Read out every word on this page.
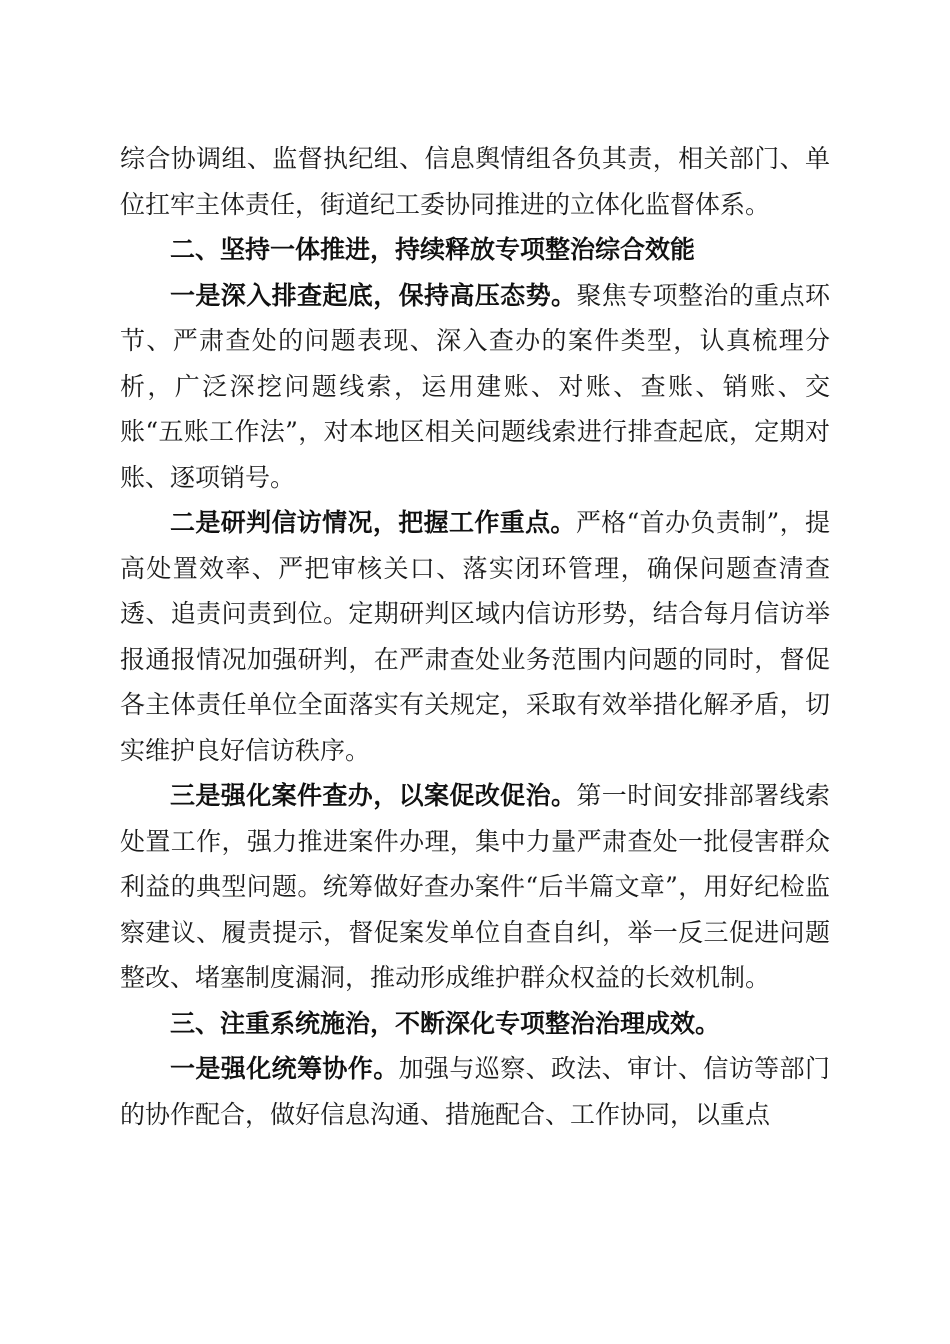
综合协调组、监督执纪组、信息舆情组各负其责，相关部门、单位扛牢主体责任，街道纪工委协同推进的立体化监督体系。

二、坚持一体推进，持续释放专项整治综合效能

一是深入排查起底，保持高压态势。聚焦专项整治的重点环节、严肃查处的问题表现、深入查办的案件类型，认真梳理分析，广泛深挖问题线索，运用建账、对账、查账、销账、交账“五账工作法”，对本地区相关问题线索进行排查起底，定期对账、逐项销号。

二是研判信访情况，把握工作重点。严格“首办负责制”，提高处置效率、严把审核关口、落实闭环管理，确保问题查清查透、追责问责到位。定期研判区域内信访形势，结合每月信访举报通报情况加强研判，在严肃查处业务范围内问题的同时，督促各主体责任单位全面落实有关规定，采取有效举措化解矛盾，切实维护良好信访秩序。

三是强化案件查办，以案促改促治。第一时间安排部署线索处置工作，强力推进案件办理，集中力量严肃查处一批侵害群众利益的典型问题。统筹做好查办案件“后半篇文章”，用好纪检监察建议、履责提示，督促案发单位自查自纠，举一反三促进问题整改、堵塞制度漏洞，推动形成维护群众权益的长效机制。

三、注重系统施治，不断深化专项整治治理成效。

一是强化统筹协作。加强与巡察、政法、审计、信访等部门的协作配合，做好信息沟通、措施配合、工作协同，以重点
